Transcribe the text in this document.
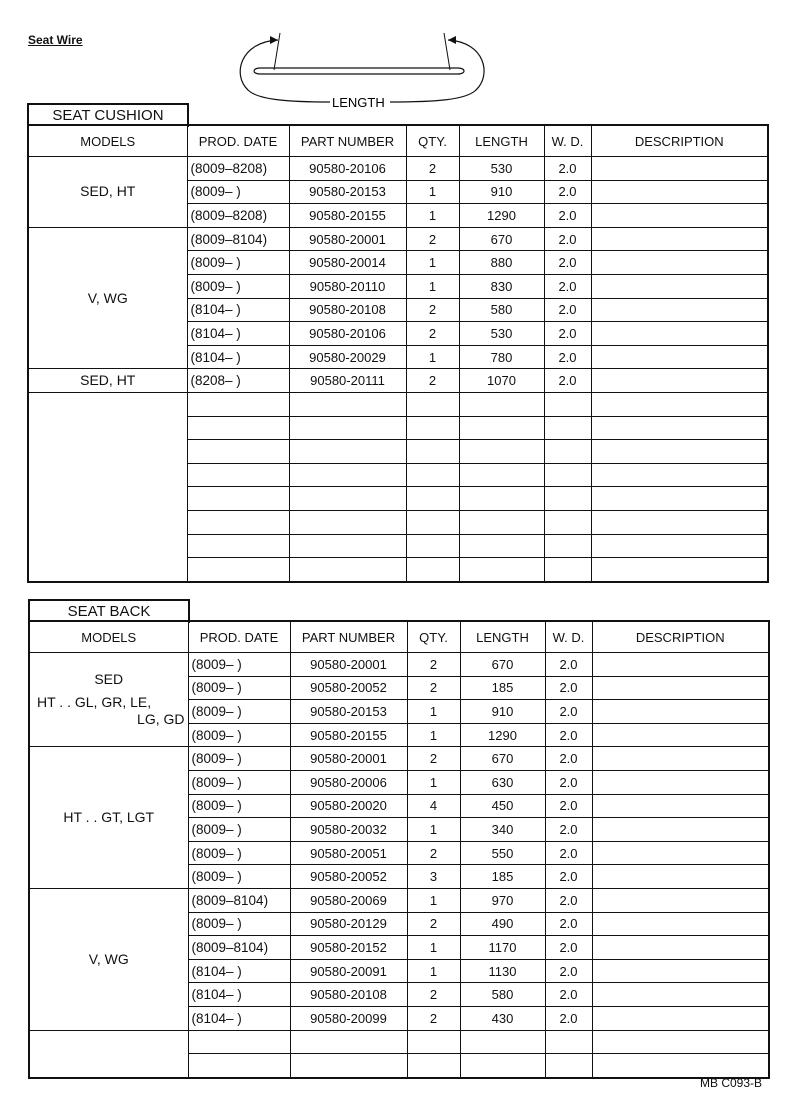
Seat Wire
LENGTH
SEAT CUSHION
MODELS	PROD. DATE	PART NUMBER	QTY.	LENGTH	W. D.	DESCRIPTION
SED, HT	(8009–8208)	90580-20106	2	530	2.0	
	(8009– )	90580-20153	1	910	2.0	
	(8009–8208)	90580-20155	1	1290	2.0	
V, WG	(8009–8104)	90580-20001	2	670	2.0	
	(8009– )	90580-20014	1	880	2.0	
	(8009– )	90580-20110	1	830	2.0	
	(8104– )	90580-20108	2	580	2.0	
	(8104– )	90580-20106	2	530	2.0	
	(8104– )	90580-20029	1	780	2.0	
SED, HT	(8208– )	90580-20111	2	1070	2.0	

SEAT BACK
MODELS	PROD. DATE	PART NUMBER	QTY.	LENGTH	W. D.	DESCRIPTION

SED
HT . . GL, GR, LE,
LG, GD	(8009– )	90580-20001	2	670	2.0	
	(8009– )	90580-20052	2	185	2.0	
	(8009– )	90580-20153	1	910	2.0	
	(8009– )	90580-20155	1	1290	2.0	
HT . . GT, LGT	(8009– )	90580-20001	2	670	2.0	
	(8009– )	90580-20006	1	630	2.0	
	(8009– )	90580-20020	4	450	2.0	
	(8009– )	90580-20032	1	340	2.0	
	(8009– )	90580-20051	2	550	2.0	
	(8009– )	90580-20052	3	185	2.0	
V, WG	(8009–8104)	90580-20069	1	970	2.0	
	(8009– )	90580-20129	2	490	2.0	
	(8009–8104)	90580-20152	1	1170	2.0	
	(8104– )	90580-20091	1	1130	2.0	
	(8104– )	90580-20108	2	580	2.0	
	(8104– )	90580-20099	2	430	2.0	

MB C093-B
